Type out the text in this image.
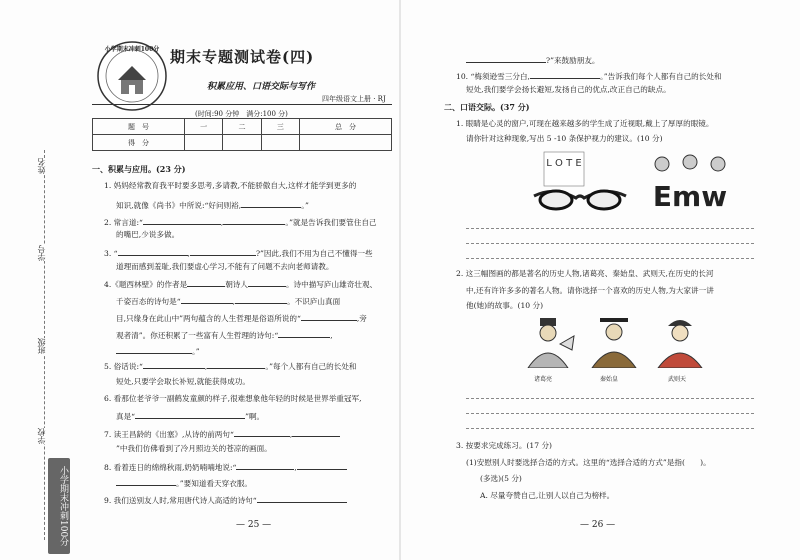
姓名
学号
班级
学校
小学期末冲刺100分
小学期末冲刺100分 期末专题测试卷(四)
积累应用、口语交际与写作
四年级语文上册 · RJ
(时间:90 分钟　满分:100 分)
题　号	一	二	三	总　分
得　分				
一、积累与应用。(23 分)
1. 妈妈经常教育我平时要多思考,多请教,不能骄傲自大,这样才能学到更多的
知识,就像《尚书》中所说:“好问则裕,	。”
2. 常言道:“	,	。”就是告诉我们要管住自己
的嘴巴,少说多做。
3. “	,	?”因此,我们不用为自己不懂得一些
道理而感到羞耻,我们要虚心学习,不能有了问题不去向老师请教。
4.《题西林壁》的作者是	朝诗人	。诗中描写庐山雄奇壮观、
千姿百态的诗句是“	,	。不识庐山真面
目,只缘身在此山中”两句蕴含的人生哲理是俗语所说的“	,旁
观者清”。你还积累了一些富有人生哲理的诗句:“	,
。”
5. 俗话说:“	,	。”每个人都有自己的长处和
短处,只要学会取长补短,就能获得成功。
6. 看那位老爷爷一副鹤发童颜的样子,很难想象他年轻的时候是世界举重冠军,
真是“	”啊。
7. 读王昌龄的《出塞》,从诗的前两句“	,
”中我们仿佛看到了冷月照边关的苍凉的画面。
8. 看着连日的绵绵秋雨,奶奶喃喃地说:“	,
。”要知道看天穿衣服。
9. 我们送别友人时,常用唐代诗人高适的诗句“
— 25 —
?”来鼓励朋友。
10. “梅须逊雪三分白,	。”告诉我们每个人都有自己的长处和
短处,我们要学会扬长避短,发扬自己的优点,改正自己的缺点。
二、口语交际。(37 分)
1. 眼睛是心灵的窗户,可现在越来越多的学生成了近视眼,戴上了厚厚的眼镜。
请你针对这种现象,写出 5 -10 条保护视力的建议。(10 分)
L O T E
Emw
2. 这三幅图画的都是著名的历史人物,诸葛亮、秦始皇、武则天,在历史的长河
中,还有许许多多的著名人物。请你选择一个喜欢的历史人物,为大家讲一讲
他(她)的故事。(10 分)
诸葛亮	秦始皇	武则天
3. 按要求完成练习。(17 分)
(1)安慰别人时要选择合适的方式。这里的“选择合适的方式”是指(　　)。
(多选)(5 分)
A. 尽量夸赞自己,让别人以自己为榜样。
— 26 —
